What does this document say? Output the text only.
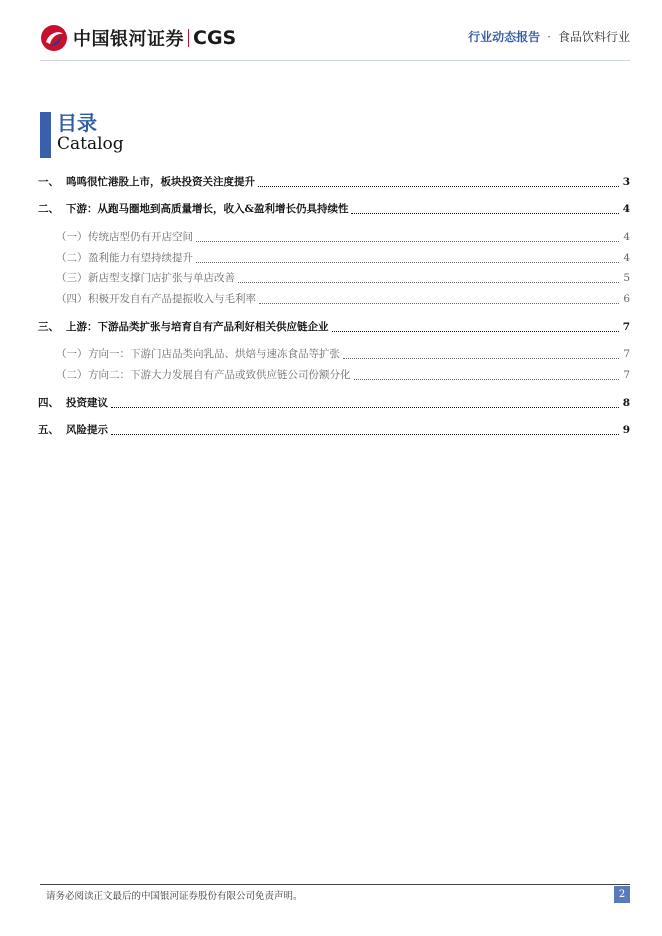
中国银河证券 CGS	行业动态报告 · 食品饮料行业
目录
Catalog
一、 鸣鸣很忙港股上市，板块投资关注度提升	3
二、 下游：从跑马圈地到高质量增长，收入&盈利增长仍具持续性	4
（一） 传统店型仍有开店空间	4
（二） 盈利能力有望持续提升	4
（三） 新店型支撑门店扩张与单店改善	5
（四） 积极开发自有产品提振收入与毛利率	6
三、 上游：下游品类扩张与培育自有产品利好相关供应链企业	7
（一） 方向一：下游门店品类向乳品、烘焙与速冻食品等扩张	7
（二） 方向二：下游大力发展自有产品或致供应链公司份额分化	7
四、 投资建议	8
五、 风险提示	9
请务必阅读正文最后的中国银河证券股份有限公司免责声明。	2
